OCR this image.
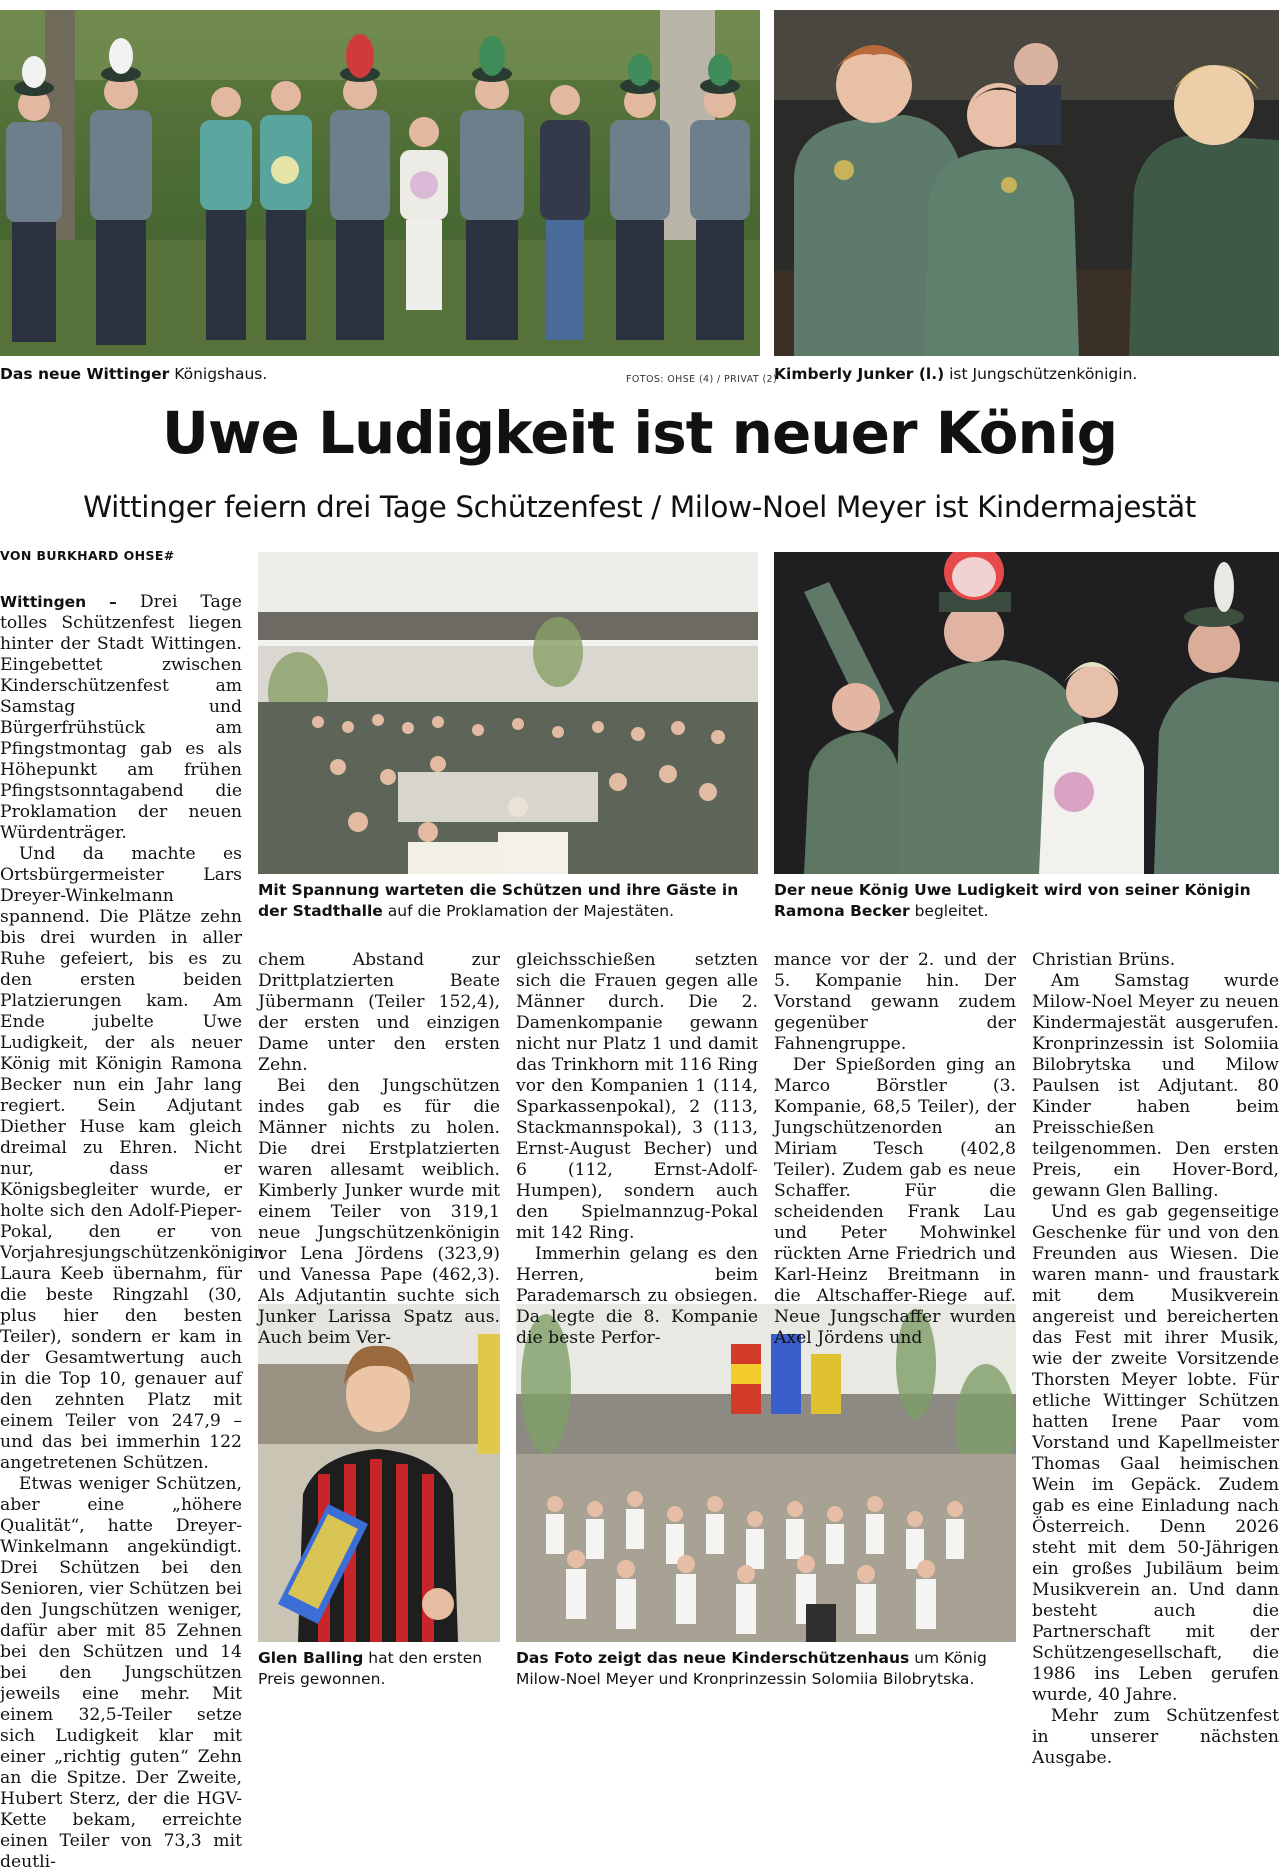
Das neue Wittinger Königshaus.	FOTOS: OHSE (4) / PRIVAT (2)
Kimberly Junker (l.) ist Jungschützenkönigin.
Uwe Ludigkeit ist neuer König
Wittinger feiern drei Tage Schützenfest / Milow-Noel Meyer ist Kindermajestät
VON BURKHARD OHSE#
Mit Spannung warteten die Schützen und ihre Gäste in der Stadthalle auf die Proklamation der Majestäten.
Der neue König Uwe Ludigkeit wird von seiner Königin Ramona Becker begleitet.
Glen Balling hat den ersten Preis gewonnen.
Das Foto zeigt das neue Kinderschützenhaus um König Milow-Noel Meyer und Kronprinzessin Solomiia Bilobrytska.

Wittingen – Drei Tage tolles Schützenfest liegen hinter der Stadt Wittingen. Eingebettet zwischen Kinderschützenfest am Samstag und Bürgerfrühstück am Pfingstmontag gab es als Höhepunkt am frühen Pfingstsonntagabend die Proklamation der neuen Würdenträger.

Und da machte es Ortsbürgermeister Lars Dreyer-Winkelmann spannend. Die Plätze zehn bis drei wurden in aller Ruhe gefeiert, bis es zu den ersten beiden Platzierungen kam. Am Ende jubelte Uwe Ludigkeit, der als neuer König mit Königin Ramona Becker nun ein Jahr lang regiert. Sein Adjutant Diether Huse kam gleich dreimal zu Ehren. Nicht nur, dass er Königsbegleiter wurde, er holte sich den Adolf-Pieper-Pokal, den er von Vorjahresjungschützenkönigin Laura Keeb übernahm, für die beste Ringzahl (30, plus hier den besten Teiler), sondern er kam in der Gesamtwertung auch in die Top 10, genauer auf den zehnten Platz mit einem Teiler von 247,9 – und das bei immerhin 122 angetretenen Schützen.

Etwas weniger Schützen, aber eine „höhere Qualität“, hatte Dreyer-Winkelmann angekündigt. Drei Schützen bei den Senioren, vier Schützen bei den Jungschützen weniger, dafür aber mit 85 Zehnen bei den Schützen und 14 bei den Jungschützen jeweils eine mehr. Mit einem 32,5-Teiler setze sich Ludigkeit klar mit einer „richtig guten“ Zehn an die Spitze. Der Zweite, Hubert Sterz, der die HGV-Kette bekam, erreichte einen Teiler von 73,3 mit deutli-

chem Abstand zur Drittplatzierten Beate Jübermann (Teiler 152,4), der ersten und einzigen Dame unter den ersten Zehn.

Bei den Jungschützen indes gab es für die Männer nichts zu holen. Die drei Erstplatzierten waren allesamt weiblich. Kimberly Junker wurde mit einem Teiler von 319,1 neue Jungschützenkönigin vor Lena Jördens (323,9) und Vanessa Pape (462,3). Als Adjutantin suchte sich Junker Larissa Spatz aus. Auch beim Ver-

gleichsschießen setzten sich die Frauen gegen alle Männer durch. Die 2. Damenkompanie gewann nicht nur Platz 1 und damit das Trinkhorn mit 116 Ring vor den Kompanien 1 (114, Sparkassenpokal), 2 (113, Stackmannspokal), 3 (113, Ernst-August Becher) und 6 (112, Ernst-Adolf-Humpen), sondern auch den Spielmannzug-Pokal mit 142 Ring.

Immerhin gelang es den Herren, beim Parademarsch zu obsiegen. Da legte die 8. Kompanie die beste Perfor-

mance vor der 2. und der 5. Kompanie hin. Der Vorstand gewann zudem gegenüber der Fahnengruppe.

Der Spießorden ging an Marco Börstler (3. Kompanie, 68,5 Teiler), der Jungschützenorden an Miriam Tesch (402,8 Teiler). Zudem gab es neue Schaffer. Für die scheidenden Frank Lau und Peter Mohwinkel rückten Arne Friedrich und Karl-Heinz Breitmann in die Altschaffer-Riege auf. Neue Jungschaffer wurden Axel Jördens und

Christian Brüns.

Am Samstag wurde Milow-Noel Meyer zu neuen Kindermajestät ausgerufen. Kronprinzessin ist Solomiia Bilobrytska und Milow Paulsen ist Adjutant. 80 Kinder haben beim Preisschießen teilgenommen. Den ersten Preis, ein Hover-Bord, gewann Glen Balling.

Und es gab gegenseitige Geschenke für und von den Freunden aus Wiesen. Die waren mann- und fraustark mit dem Musikverein angereist und bereicherten das Fest mit ihrer Musik, wie der zweite Vorsitzende Thorsten Meyer lobte. Für etliche Wittinger Schützen hatten Irene Paar vom Vorstand und Kapellmeister Thomas Gaal heimischen Wein im Gepäck. Zudem gab es eine Einladung nach Österreich. Denn 2026 steht mit dem 50-Jährigen ein großes Jubiläum beim Musikverein an. Und dann besteht auch die Partnerschaft mit der Schützengesellschaft, die 1986 ins Leben gerufen wurde, 40 Jahre.

Mehr zum Schützenfest in unserer nächsten Ausgabe.
